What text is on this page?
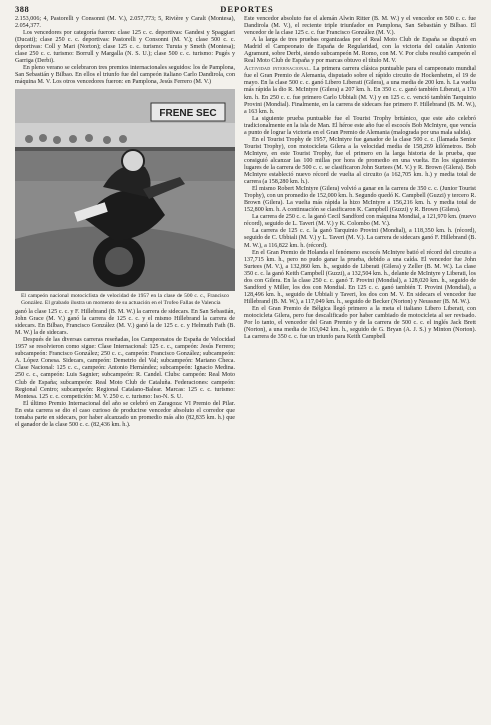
388	DEPORTES

2.153,006; 4, Pastorelli y Consonni (M. V.), 2.057,773; 5, Rivière y Caralt (Montesa), 2.054,377.

Los vencedores por categoría fueron: clase 125 c. c. deportivas: Gandesi y Spaggiari (Ducati); clase 250 c. c. deportivas: Pastorelli y Consonni (M. V.); clase 500 c. c. deportivas: Coll y Mari (Norton); clase 125 c. c. turismo: Turuta y Smeth (Montesa); clase 250 c. c. turismo: Borrull y Margalla (N. S. U.); clase 500 c. c. turismo: Pugés y Garriga (Derbi).

En pleno verano se celebraron tres premios internacionales seguidos: los de Pamplona, San Sebastián y Bilbao. En ellos el triunfo fue del campeón italiano Carlo Dandirola, con máquina M. V. Los otros vencedores fueron: en Pamplona, Jesús Ferrero (M. V.)

FRENE SEC
El campeón nacional motociclista de velocidad de 1957 en la clase de 500 c. c., Francisco González. El grabado ilustra un momento de su actuación en el Trofeo Fallas de Valencia

ganó la clase 125 c. c. y F. Hillebrand (B. M. W.) la carrera de sidecars. En San Sebastián, John Grace (M. V.) ganó la carrera de 125 c. c. y el mismo Hillebrand la carrera de sidecars. En Bilbao, Francisco González (M. V.) ganó la de 125 c. c. y Helmuth Fath (B. M. W.) la de sidecars.

Después de las diversas carreras reseñadas, los Campeonatos de España de Velocidad 1957 se resolvieron como sigue: Clase Internacional: 125 c. c., campeón: Jesús Ferrero; subcampeón: Francisco González; 250 c. c., campeón: Francisco González; subcampeón: A. López Conesa. Sidecars, campeón: Demetrio del Val; subcampeón: Mariano Checa. Clase Nacional: 125 c. c., campeón: Antonio Hernández; subcampeón: Ignacio Medina. 250 c. c., campeón: Luis Sagnier; subcampeón: R. Candel. Clubs: campeón: Real Moto Club de España; subcampeón: Real Moto Club de Cataluña. Federaciones: campeón: Regional Centro; subcampeón: Regional Catalano-Balear. Marcas: 125 c. c. turismo: Montesa. 125 c. c. competición: M. V. 250 c. c. turismo: Iso-N. S. U.

El último Premio Internacional del año se celebró en Zaragoza: VI Premio del Pilar. En esta carrera se dio el caso curioso de producirse vencedor absoluto el corredor que tomaba parte en sidecars, por haber alcanzado un promedio más alto (82,835 km. h.) que el ganador de la clase 500 c. c. (82,436 km. h.).

Este vencedor absoluto fue el alemán Alwin Ritter (B. M. W.) y el vencedor en 500 c. c. fue Dandirola (M. V.), el reciente triple triunfador en Pamplona, San Sebastián y Bilbao. El vencedor de la clase 125 c. c. fue Francisco González (M. V.).

A la larga de tres pruebas organizadas por el Real Moto Club de España se disputó en Madrid el Campeonato de España de Regularidad, con la victoria del catalán Antonio Agramunt, sobre Derbi, siendo subcampeón M. Romo, con M. V. Por clubs resultó campeón el Real Moto Club de España y por marcas obtuvo el título M. V.

Actividad internacional. La primera carrera clásica puntuable para el campeonato mundial fue el Gran Premio de Alemania, disputado sobre el rápido circuito de Hockenheim, el 19 de mayo. En la clase 500 c. c. ganó Libero Liberati (Gilera), a una media de 200 km. h. La vuelta más rápida la dio R. McIntyre (Gilera) a 207 km. h. En 350 c. c. ganó también Liberati, a 170 km. h. En 250 c. c. fue primero Carlo Ubbiali (M. V.) y en 125 c. c. venció también Tarquinio Provini (Mondial). Finalmente, en la carrera de sidecars fue primero F. Hillebrand (B. M. W.), a 163 km. h.

La siguiente prueba puntuable fue el Tourist Trophy británico, que este año celebró tradicionalmente en la isla de Man. El héroe este año fue el escocés Bob McIntyre, que vencía a punto de lograr la victoria en el Gran Premio de Alemania (malograda por una mala salida).

En el Tourist Trophy de 1957, McIntyre fue ganador de la clase 500 c. c. (llamada Senior Tourist Trophy), con motocicleta Gilera a la velocidad media de 158,269 kilómetros. Bob McIntyre, en este Tourist Trophy, fue el primero en la larga historia de la prueba, que consiguió alcanzar las 100 millas por hora de promedio en una vuelta. En los siguientes lugares de la carrera de 500 c. c. se clasificaron John Surtees (M. V.) y R. Brown (Gilera). Bob McIntyre estableció nuevo récord de vuelta al circuito (a 162,705 km. h.) y media total de carrera (a 158,280 km. h.).

El mismo Robert McIntyre (Gilera) volvió a ganar en la carrera de 350 c. c. (Junior Tourist Trophy), con un promedio de 152,000 km. h. Segundo quedó K. Campbell (Guzzi) y tercero R. Brown (Gilera). La vuelta más rápida la hizo McIntyre a 156,216 km. h. y media total de 152,800 km. h. A continuación se clasificaron K. Campbell (Guzzi) y R. Brown (Gilera).

La carrera de 250 c. c. la ganó Cecil Sandford con máquina Mondial, a 121,970 km. (nuevo récord), seguido de L. Taveri (M. V.) y K. Colombo (M. V.).

La carrera de 125 c. c. la ganó Tarquinio Provini (Mondial), a 118,350 km. h. (récord), seguido de C. Ubbiali (M. V.) y L. Taveri (M. V.). La carrera de sidecars ganó F. Hillebrand (B. M. W.), a 116,822 km. h. (récord).

En el Gran Premio de Holanda el fenómeno escocés McIntyre batió el récord del circuito a 137,715 km. h., pero no pudo ganar la prueba, debido a una caída. El vencedor fue John Surtees (M. V.), a 132,860 km. h., seguido de Liberati (Gilera) y Zeller (B. M. W.). La clase 350 c. c. la ganó Keith Campbell (Guzzi), a 132,504 km. h., delante de McIntyre y Liberati, los dos con Gilera. En la clase 250 c. c. ganó T. Provini (Mondial), a 128,020 km. h., seguido de Sandford y Miller, los dos con Mondial. En 125 c. c. ganó también T. Provini (Mondial), a 128,496 km. h., seguido de Ubbiali y Taveri, los dos con M. V. En sidecars el vencedor fue Hillebrand (B. M. W.), a 117,049 km. h., seguido de Becker (Norton) y Neussner (B. M. W.).

En el Gran Premio de Bélgica llegó primero a la meta el italiano Libero Liberati, con motocicleta Gilera, pero fue descalificado por haber cambiado de motocicleta al ser revisado. Por lo tanto, el vencedor del Gran Premio y de la carrera de 500 c. c. el inglés Jack Brett (Norton), a una media de 163,042 km. h., seguido de G. Bryan (A. J. S.) y Minton (Norton). La carrera de 350 c. c. fue un triunfo para Keith Campbell
